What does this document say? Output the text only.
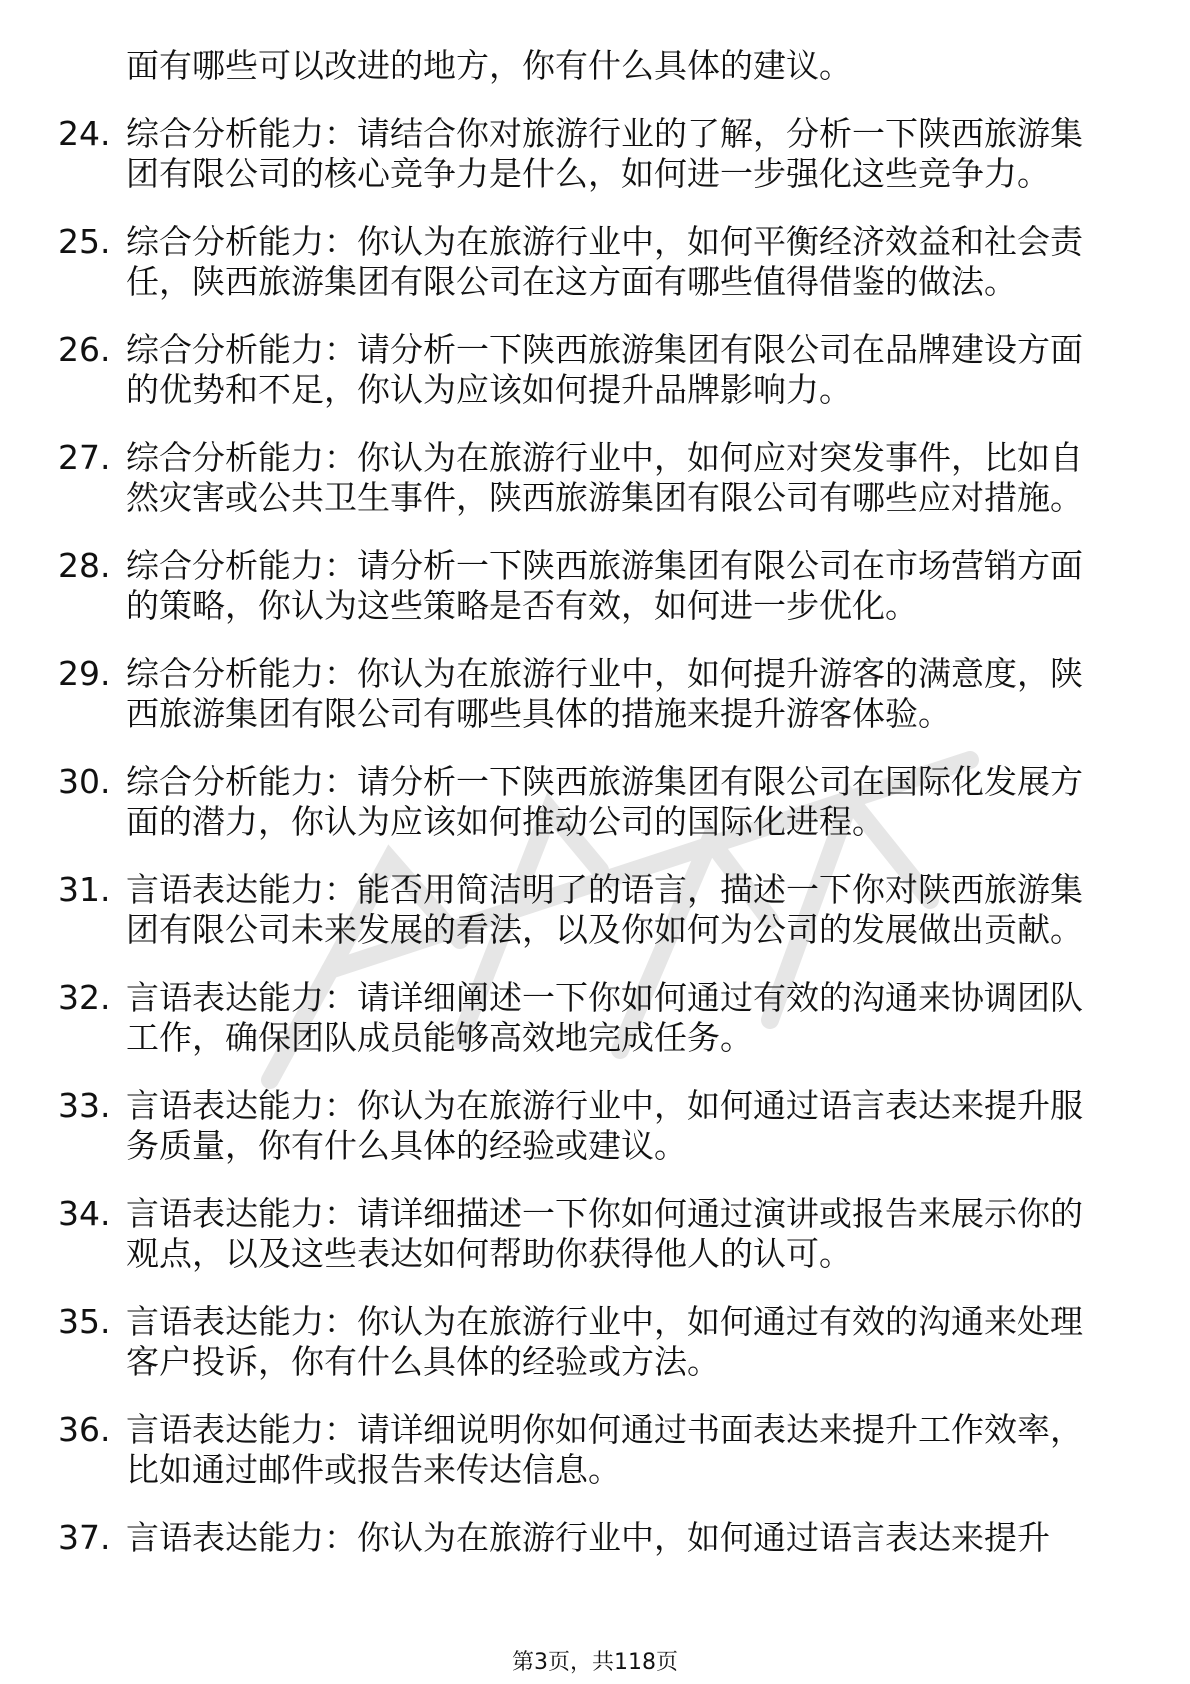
面有哪些可以改进的地方，你有什么具体的建议。

24. 综合分析能力：请结合你对旅游行业的了解，分析一下陕西旅游集团有限公司的核心竞争力是什么，如何进一步强化这些竞争力。
25. 综合分析能力：你认为在旅游行业中，如何平衡经济效益和社会责任，陕西旅游集团有限公司在这方面有哪些值得借鉴的做法。
26. 综合分析能力：请分析一下陕西旅游集团有限公司在品牌建设方面的优势和不足，你认为应该如何提升品牌影响力。
27. 综合分析能力：你认为在旅游行业中，如何应对突发事件，比如自然灾害或公共卫生事件，陕西旅游集团有限公司有哪些应对措施。
28. 综合分析能力：请分析一下陕西旅游集团有限公司在市场营销方面的策略，你认为这些策略是否有效，如何进一步优化。
29. 综合分析能力：你认为在旅游行业中，如何提升游客的满意度，陕西旅游集团有限公司有哪些具体的措施来提升游客体验。
30. 综合分析能力：请分析一下陕西旅游集团有限公司在国际化发展方面的潜力，你认为应该如何推动公司的国际化进程。
31. 言语表达能力：能否用简洁明了的语言，描述一下你对陕西旅游集团有限公司未来发展的看法，以及你如何为公司的发展做出贡献。
32. 言语表达能力：请详细阐述一下你如何通过有效的沟通来协调团队工作，确保团队成员能够高效地完成任务。
33. 言语表达能力：你认为在旅游行业中，如何通过语言表达来提升服务质量，你有什么具体的经验或建议。
34. 言语表达能力：请详细描述一下你如何通过演讲或报告来展示你的观点，以及这些表达如何帮助你获得他人的认可。
35. 言语表达能力：你认为在旅游行业中，如何通过有效的沟通来处理客户投诉，你有什么具体的经验或方法。
36. 言语表达能力：请详细说明你如何通过书面表达来提升工作效率，比如通过邮件或报告来传达信息。
37. 言语表达能力：你认为在旅游行业中，如何通过语言表达来提升
第3页，共118页
